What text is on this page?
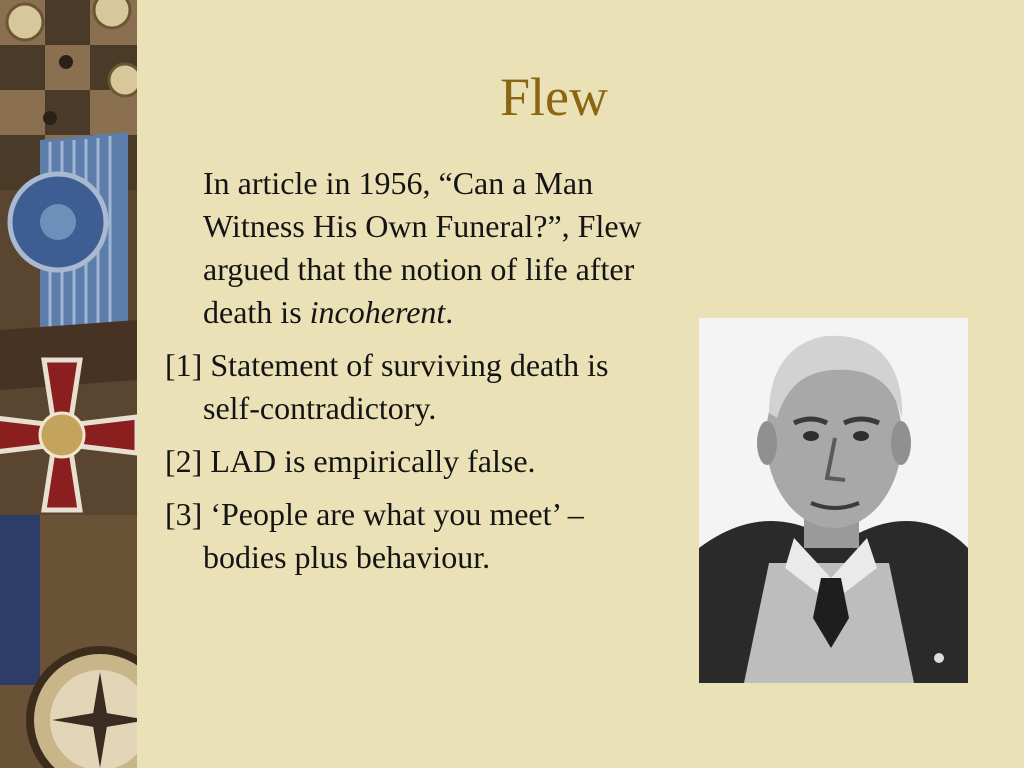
Flew

In article in 1956, “Can a Man Witness His Own Funeral?”, Flew argued that the notion of life after death is incoherent.

[1] Statement of surviving death is self-contradictory.

[2] LAD is empirically false.

[3] ‘People are what you meet’ – bodies plus behaviour.
